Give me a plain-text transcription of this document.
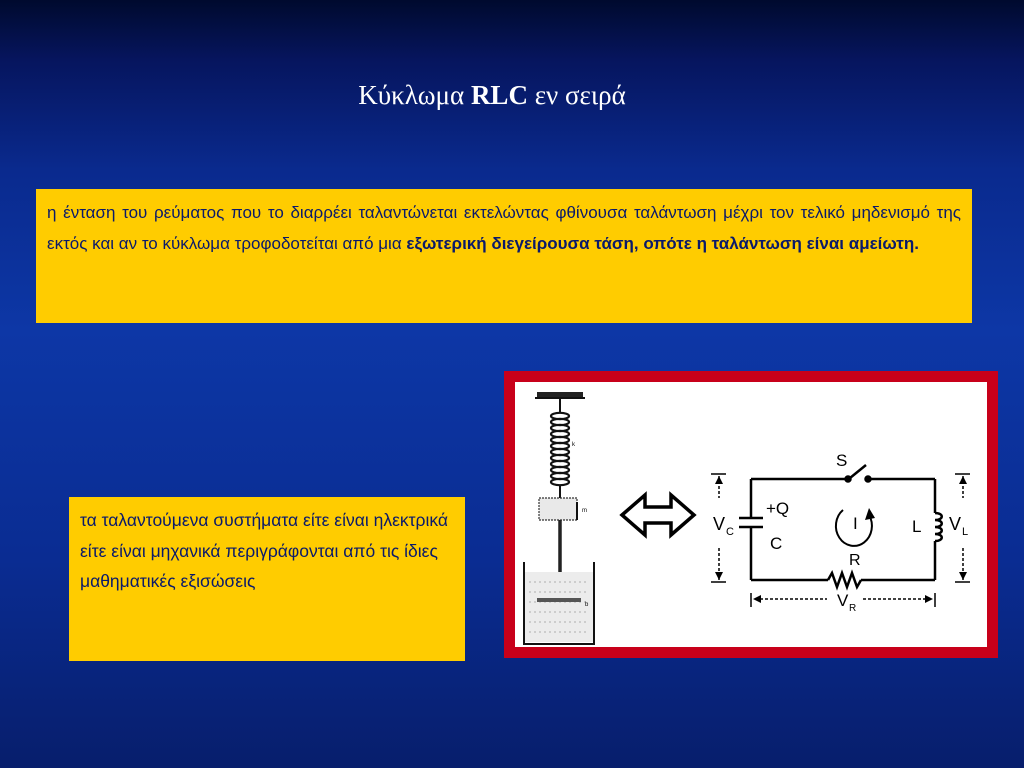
Κύκλωμα RLC εν σειρά
η ένταση του ρεύματος που το διαρρέει ταλαντώνεται εκτελώντας φθίνουσα ταλάντωση μέχρι τον τελικό μηδενισμό της εκτός και αν το κύκλωμα τροφοδοτείται από μια εξωτερική διεγείρουσα τάση, οπότε η ταλάντωση είναι αμείωτη.
τα ταλαντούμενα συστήματα είτε είναι ηλεκτρικά είτε είναι μηχανικά περιγράφονται από τις ίδιες μαθηματικές εξισώσεις
k
m
b
S
+Q
C
I	L
R
V C	V L
V R
